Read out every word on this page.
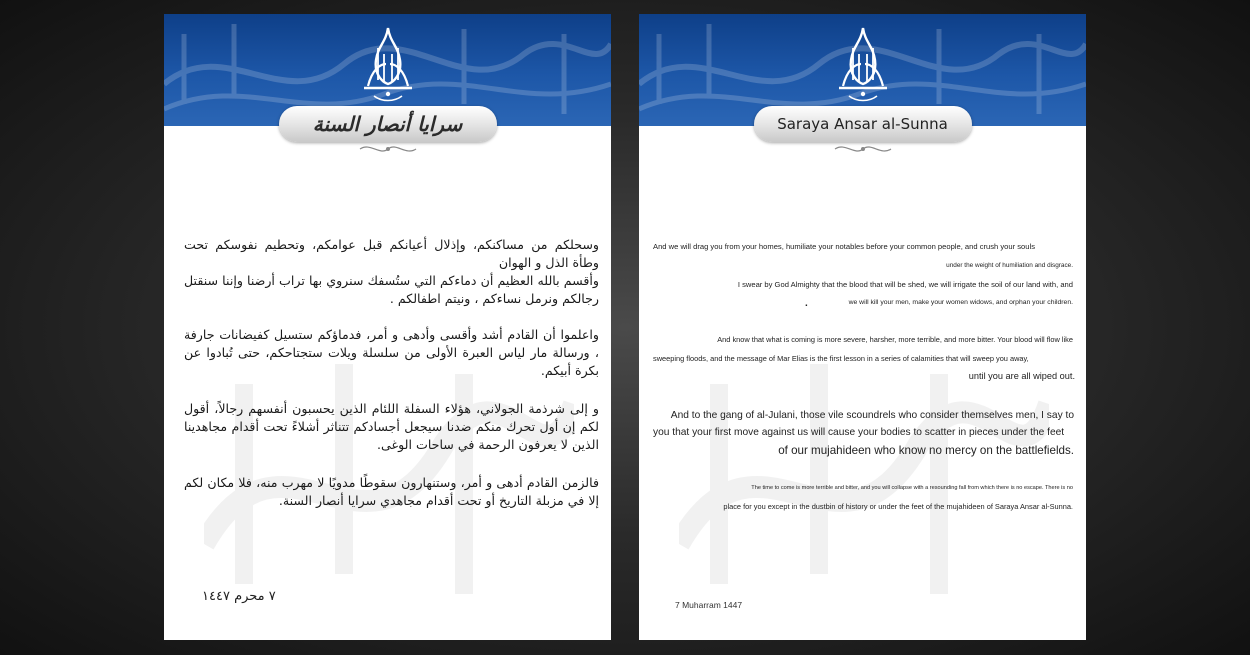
سرايا أنصار السنة
وسحلكم من مساكنكم، وإذلال أعيانكم قبل عوامكم، وتحطيم نفوسكم تحت وطأة الذل و الهوان
وأقسم بالله العظيم أن دماءكم التي ستُسفك سنروي بها تراب أرضنا وإننا سنقتل رجالكم ونرمل نساءكم ، ونيتم اطفالكم .
واعلموا أن القادم أشد وأقسى وأدهى و أمر، فدماؤكم ستسيل كفيضانات جارفة ، ورسالة مار لياس العبرة الأولى من سلسلة ويلات ستجتاحكم، حتى تُبادوا عن بكرة أبيكم.
و إلى شرذمة الجولاني، هؤلاء السفلة اللئام الذين يحسبون أنفسهم رجالاً، أقول لكم إن أول تحرك منكم ضدنا سيجعل أجسادكم تتناثر أشلاءً تحت أقدام مجاهدينا الذين لا يعرفون الرحمة في ساحات الوغى.
فالزمن القادم أدهى و أمر، وستنهارون سقوطًا مدويًا لا مهرب منه، فلا مكان لكم إلا في مزبلة التاريخ أو تحت أقدام مجاهدي سرايا أنصار السنة.
٧ محرم ١٤٤٧
Saraya Ansar al-Sunna
And we will drag you from your homes, humiliate your notables before your common people, and crush your souls
under the weight of humiliation and disgrace.
I swear by God Almighty that the blood that will be shed, we will irrigate the soil of our land with, and
.	we will kill your men, make your women widows, and orphan your children.
And know that what is coming is more severe, harsher, more terrible, and more bitter. Your blood will flow like
sweeping floods, and the message of Mar Elias is the first lesson in a series of calamities that will sweep you away,
until you are all wiped out.
And to the gang of al-Julani, those vile scoundrels who consider themselves men, I say to
you that your first move against us will cause your bodies to scatter in pieces under the feet
of our mujahideen who know no mercy on the battlefields.
The time to come is more terrible and bitter, and you will collapse with a resounding fall from which there is no escape. There is no
place for you except in the dustbin of history or under the feet of the mujahideen of Saraya Ansar al-Sunna.
7 Muharram 1447
